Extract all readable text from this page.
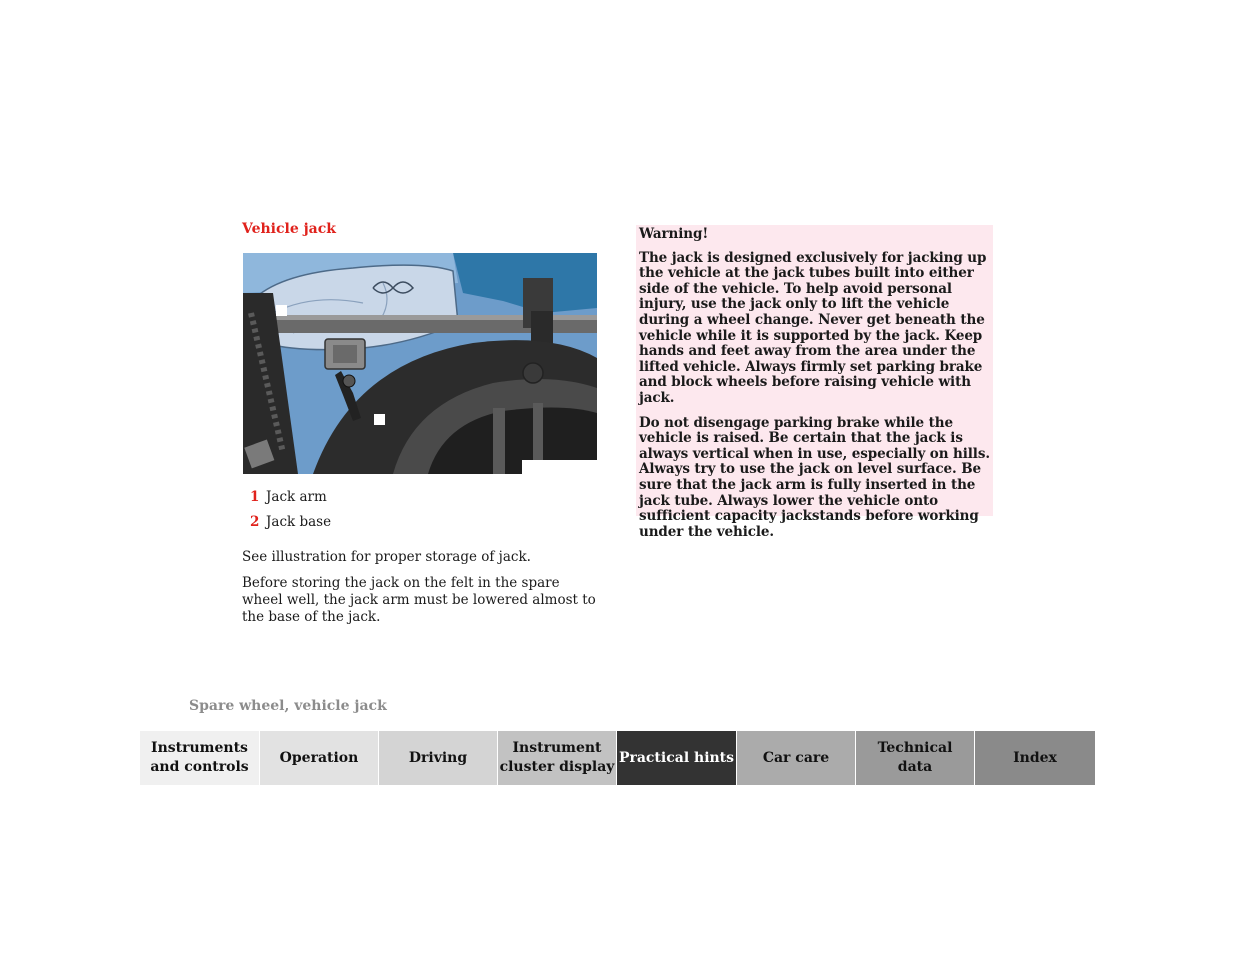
Vehicle jack
1 Jack arm
2 Jack base

See illustration for proper storage of jack.

Before storing the jack on the felt in the spare wheel well, the jack arm must be lowered almost to the base of the jack.

Warning!

The jack is designed exclusively for jacking up the vehicle at the jack tubes built into either side of the vehicle. To help avoid personal injury, use the jack only to lift the vehicle during a wheel change. Never get beneath the vehicle while it is supported by the jack. Keep hands and feet away from the area under the lifted vehicle. Always firmly set parking brake and block wheels before raising vehicle with jack.

Do not disengage parking brake while the vehicle is raised. Be certain that the jack is always vertical when in use, especially on hills. Always try to use the jack on level surface. Be sure that the jack arm is fully inserted in the jack tube. Always lower the vehicle onto sufficient capacity jackstands before working under the vehicle.

Spare wheel, vehicle jack

Instruments
and controls
Operation	Driving
Instrument
cluster display
Practical hints Car care
Technical
data
Index
